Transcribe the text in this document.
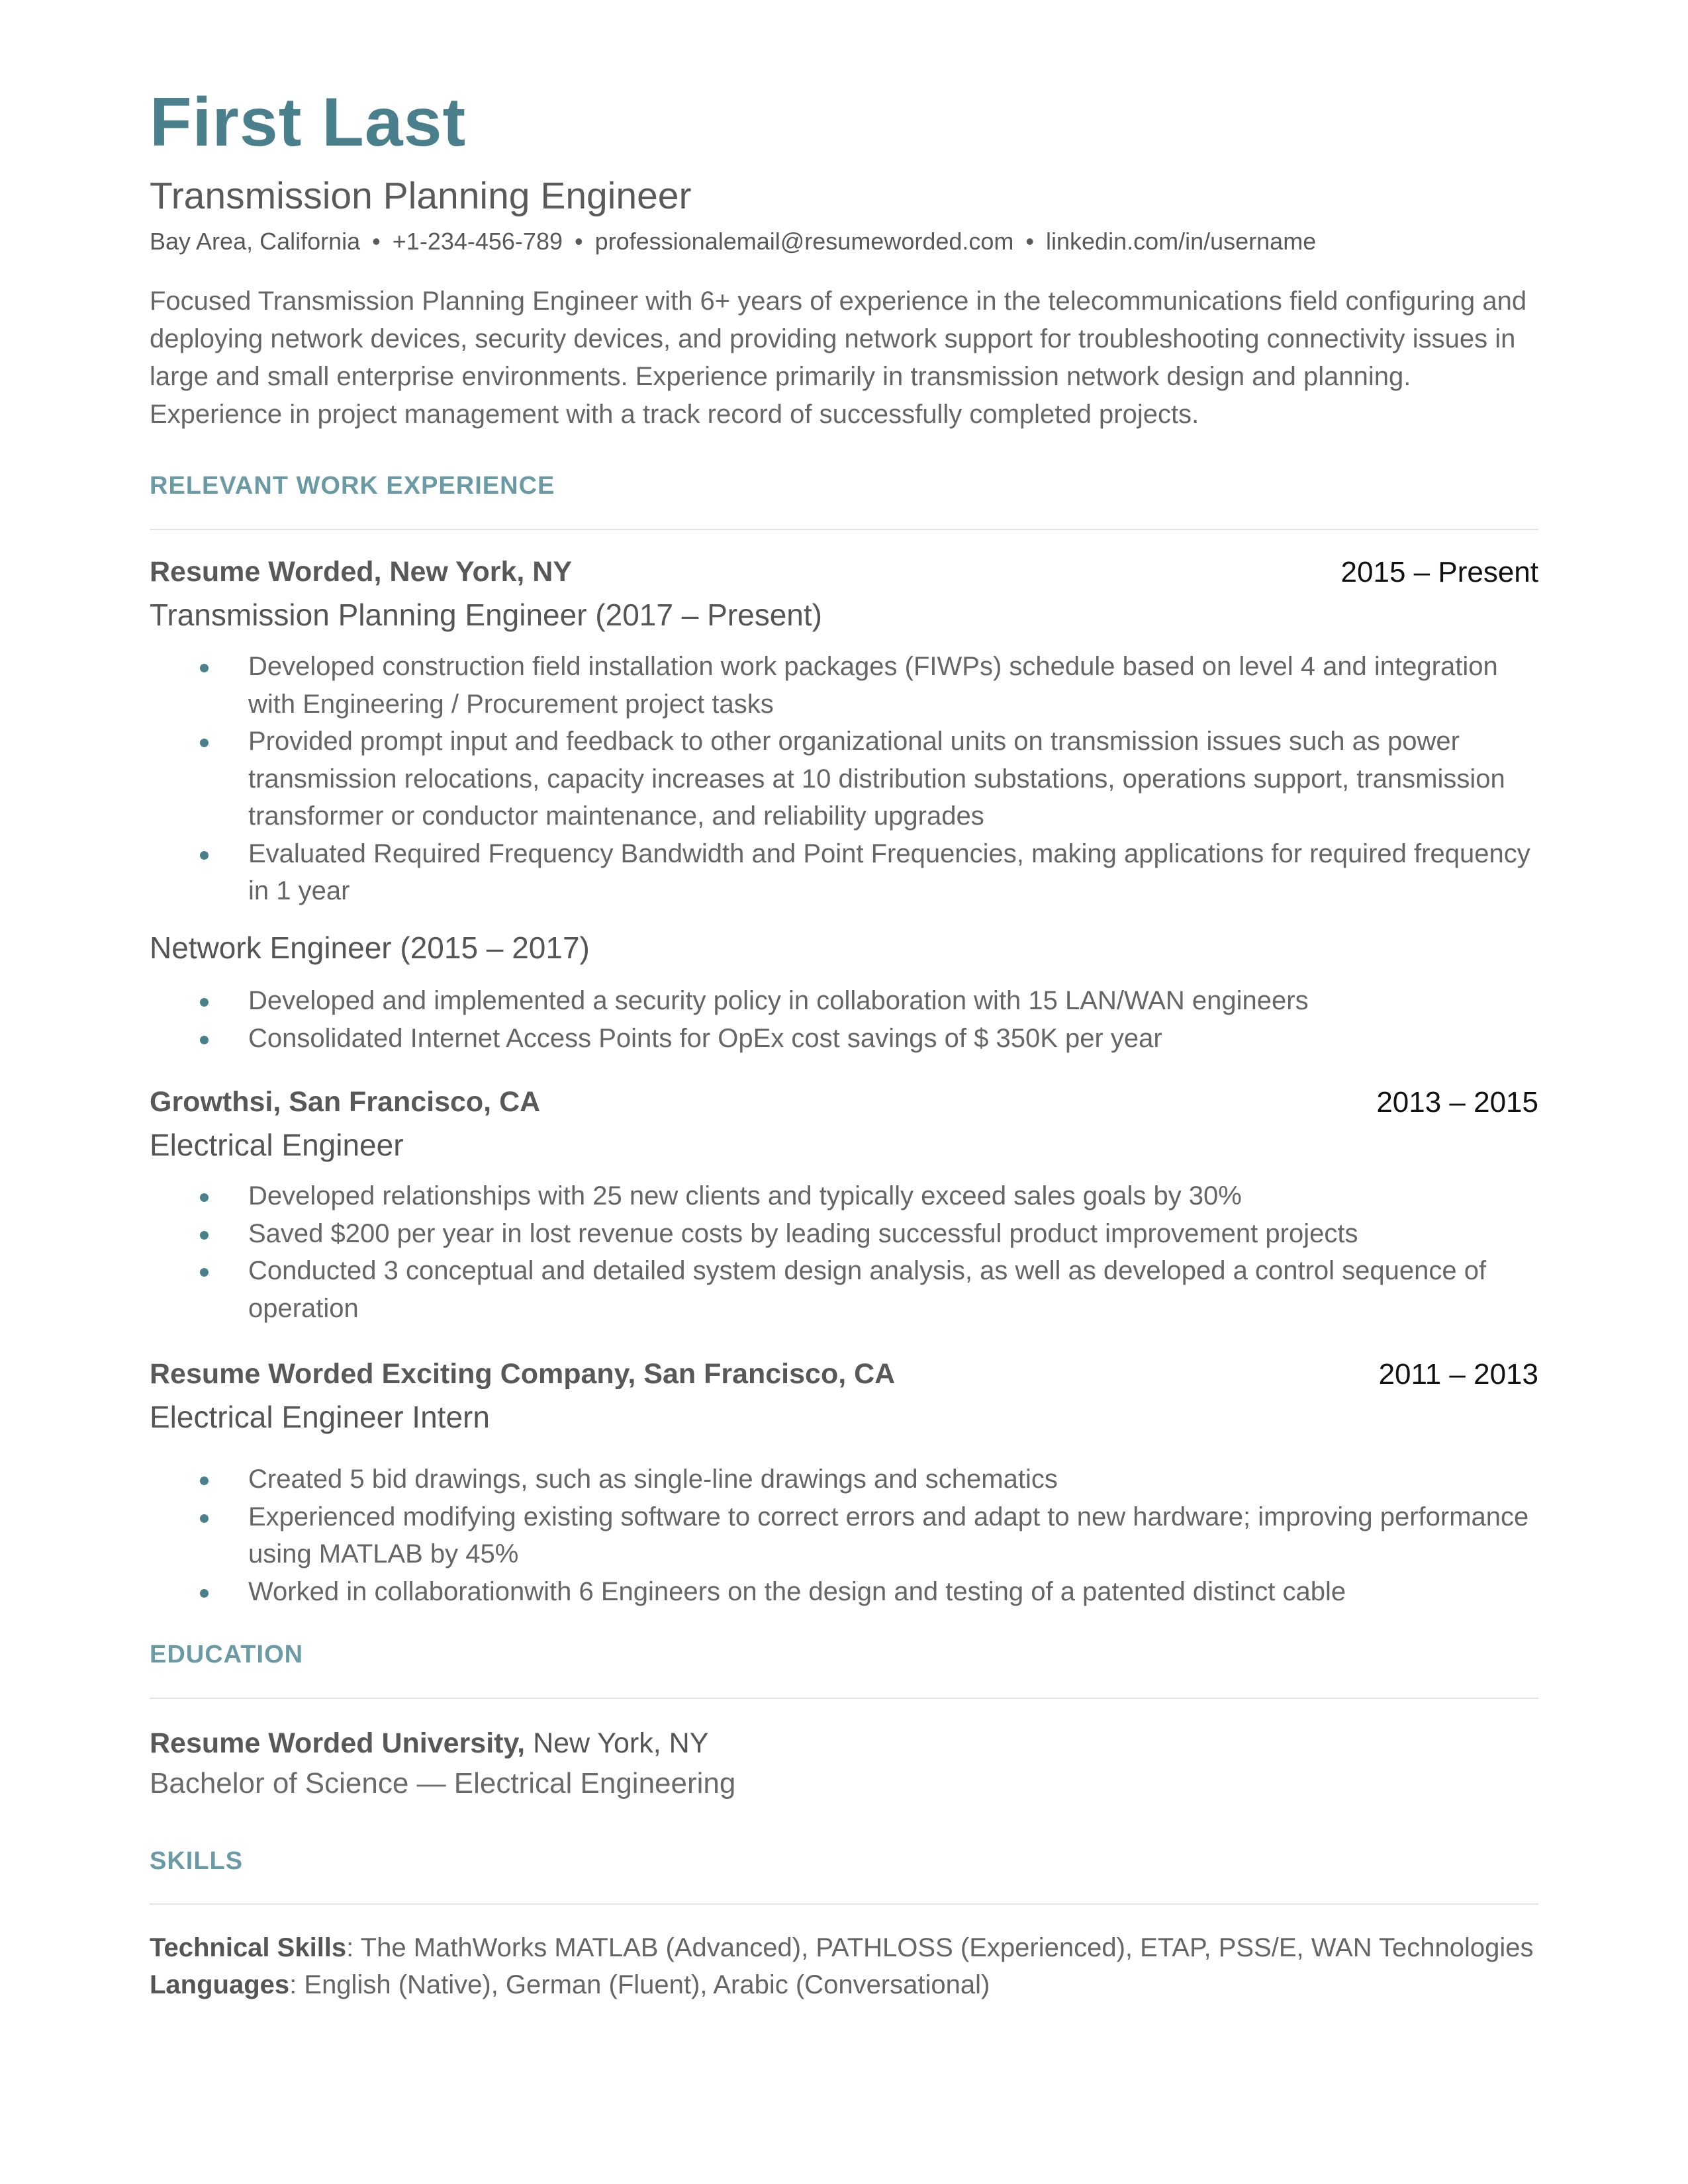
First Last
Transmission Planning Engineer
Bay Area, California • +1-234-456-789 • professionalemail@resumeworded.com • linkedin.com/in/username
Focused Transmission Planning Engineer with 6+ years of experience in the telecommunications field configuring and deploying network devices, security devices, and providing network support for troubleshooting connectivity issues in large and small enterprise environments. Experience primarily in transmission network design and planning. Experience in project management with a track record of successfully completed projects.
RELEVANT WORK EXPERIENCE
Resume Worded, New York, NY	2015 – Present
Transmission Planning Engineer (2017 – Present)
Developed construction field installation work packages (FIWPs) schedule based on level 4 and integration with Engineering / Procurement project tasks
Provided prompt input and feedback to other organizational units on transmission issues such as power transmission relocations, capacity increases at 10 distribution substations, operations support, transmission transformer or conductor maintenance, and reliability upgrades
Evaluated Required Frequency Bandwidth and Point Frequencies, making applications for required frequency in 1 year
Network Engineer (2015 – 2017)
Developed and implemented a security policy in collaboration with 15 LAN/WAN engineers
Consolidated Internet Access Points for OpEx cost savings of $ 350K per year
Growthsi, San Francisco, CA	2013 – 2015
Electrical Engineer
Developed relationships with 25 new clients and typically exceed sales goals by 30%
Saved $200 per year in lost revenue costs by leading successful product improvement projects
Conducted 3 conceptual and detailed system design analysis, as well as developed a control sequence of operation
Resume Worded Exciting Company, San Francisco, CA	2011 – 2013
Electrical Engineer Intern
Created 5 bid drawings, such as single-line drawings and schematics
Experienced modifying existing software to correct errors and adapt to new hardware; improving performance using MATLAB by 45%
Worked in collaborationwith 6 Engineers on the design and testing of a patented distinct cable
EDUCATION
Resume Worded University, New York, NY
Bachelor of Science — Electrical Engineering
SKILLS
Technical Skills: The MathWorks MATLAB (Advanced), PATHLOSS (Experienced), ETAP, PSS/E, WAN Technologies
Languages: English (Native), German (Fluent), Arabic (Conversational)
